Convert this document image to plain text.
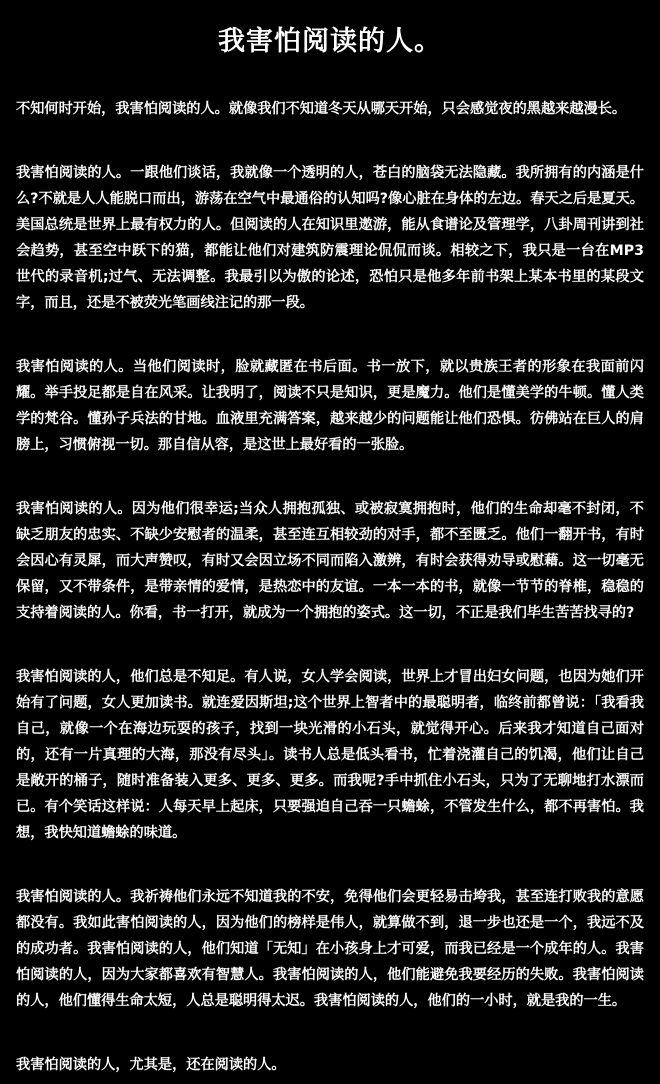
我害怕阅读的人。

不知何时开始，我害怕阅读的人。就像我们不知道冬天从哪天开始，只会感觉夜的黑越来越漫长。

我害怕阅读的人。一跟他们谈话，我就像一个透明的人，苍白的脑袋无法隐藏。我所拥有的内涵是什么?不就是人人能脱口而出，游荡在空气中最通俗的认知吗?像心脏在身体的左边。春天之后是夏天。美国总统是世界上最有权力的人。但阅读的人在知识里遨游，能从食谱论及管理学，八卦周刊讲到社会趋势，甚至空中跃下的猫，都能让他们对建筑防震理论侃侃而谈。相较之下，我只是一台在MP3世代的录音机;过气、无法调整。我最引以为傲的论述，恐怕只是他多年前书架上某本书里的某段文字，而且，还是不被荧光笔画线注记的那一段。

我害怕阅读的人。当他们阅读时，脸就藏匿在书后面。书一放下，就以贵族王者的形象在我面前闪耀。举手投足都是自在风采。让我明了，阅读不只是知识，更是魔力。他们是懂美学的牛顿。懂人类学的梵谷。懂孙子兵法的甘地。血液里充满答案，越来越少的问题能让他们恐惧。彷佛站在巨人的肩膀上，习惯俯视一切。那自信从容，是这世上最好看的一张脸。

我害怕阅读的人。因为他们很幸运;当众人拥抱孤独、或被寂寞拥抱时，他们的生命却毫不封闭，不缺乏朋友的忠实、不缺少安慰者的温柔，甚至连互相较劲的对手，都不至匮乏。他们一翻开书，有时会因心有灵犀，而大声赞叹，有时又会因立场不同而陷入激辨，有时会获得劝导或慰藉。这一切毫无保留，又不带条件，是带亲情的爱情，是热恋中的友谊。一本一本的书，就像一节节的脊椎，稳稳的支持着阅读的人。你看，书一打开，就成为一个拥抱的姿式。这一切，不正是我们毕生苦苦找寻的?

我害怕阅读的人，他们总是不知足。有人说，女人学会阅读，世界上才冒出妇女问题，也因为她们开始有了问题，女人更加读书。就连爱因斯坦;这个世界上智者中的最聪明者，临终前都曾说：「我看我自己，就像一个在海边玩耍的孩子，找到一块光滑的小石头，就觉得开心。后来我才知道自己面对的，还有一片真理的大海，那没有尽头」。读书人总是低头看书，忙着浇灌自己的饥渴，他们让自己是敞开的桶子，随时准备装入更多、更多、更多。而我呢?手中抓住小石头，只为了无聊地打水漂而已。有个笑话这样说：人每天早上起床，只要强迫自己吞一只蟾蜍，不管发生什么，都不再害怕。我想，我快知道蟾蜍的味道。

我害怕阅读的人。我祈祷他们永远不知道我的不安，免得他们会更轻易击垮我，甚至连打败我的意愿都没有。我如此害怕阅读的人，因为他们的榜样是伟人，就算做不到，退一步也还是一个，我远不及的成功者。我害怕阅读的人，他们知道「无知」在小孩身上才可爱，而我已经是一个成年的人。我害怕阅读的人，因为大家都喜欢有智慧人。我害怕阅读的人，他们能避免我要经历的失败。我害怕阅读的人，他们懂得生命太短，人总是聪明得太迟。我害怕阅读的人，他们的一小时，就是我的一生。

我害怕阅读的人，尤其是，还在阅读的人。
